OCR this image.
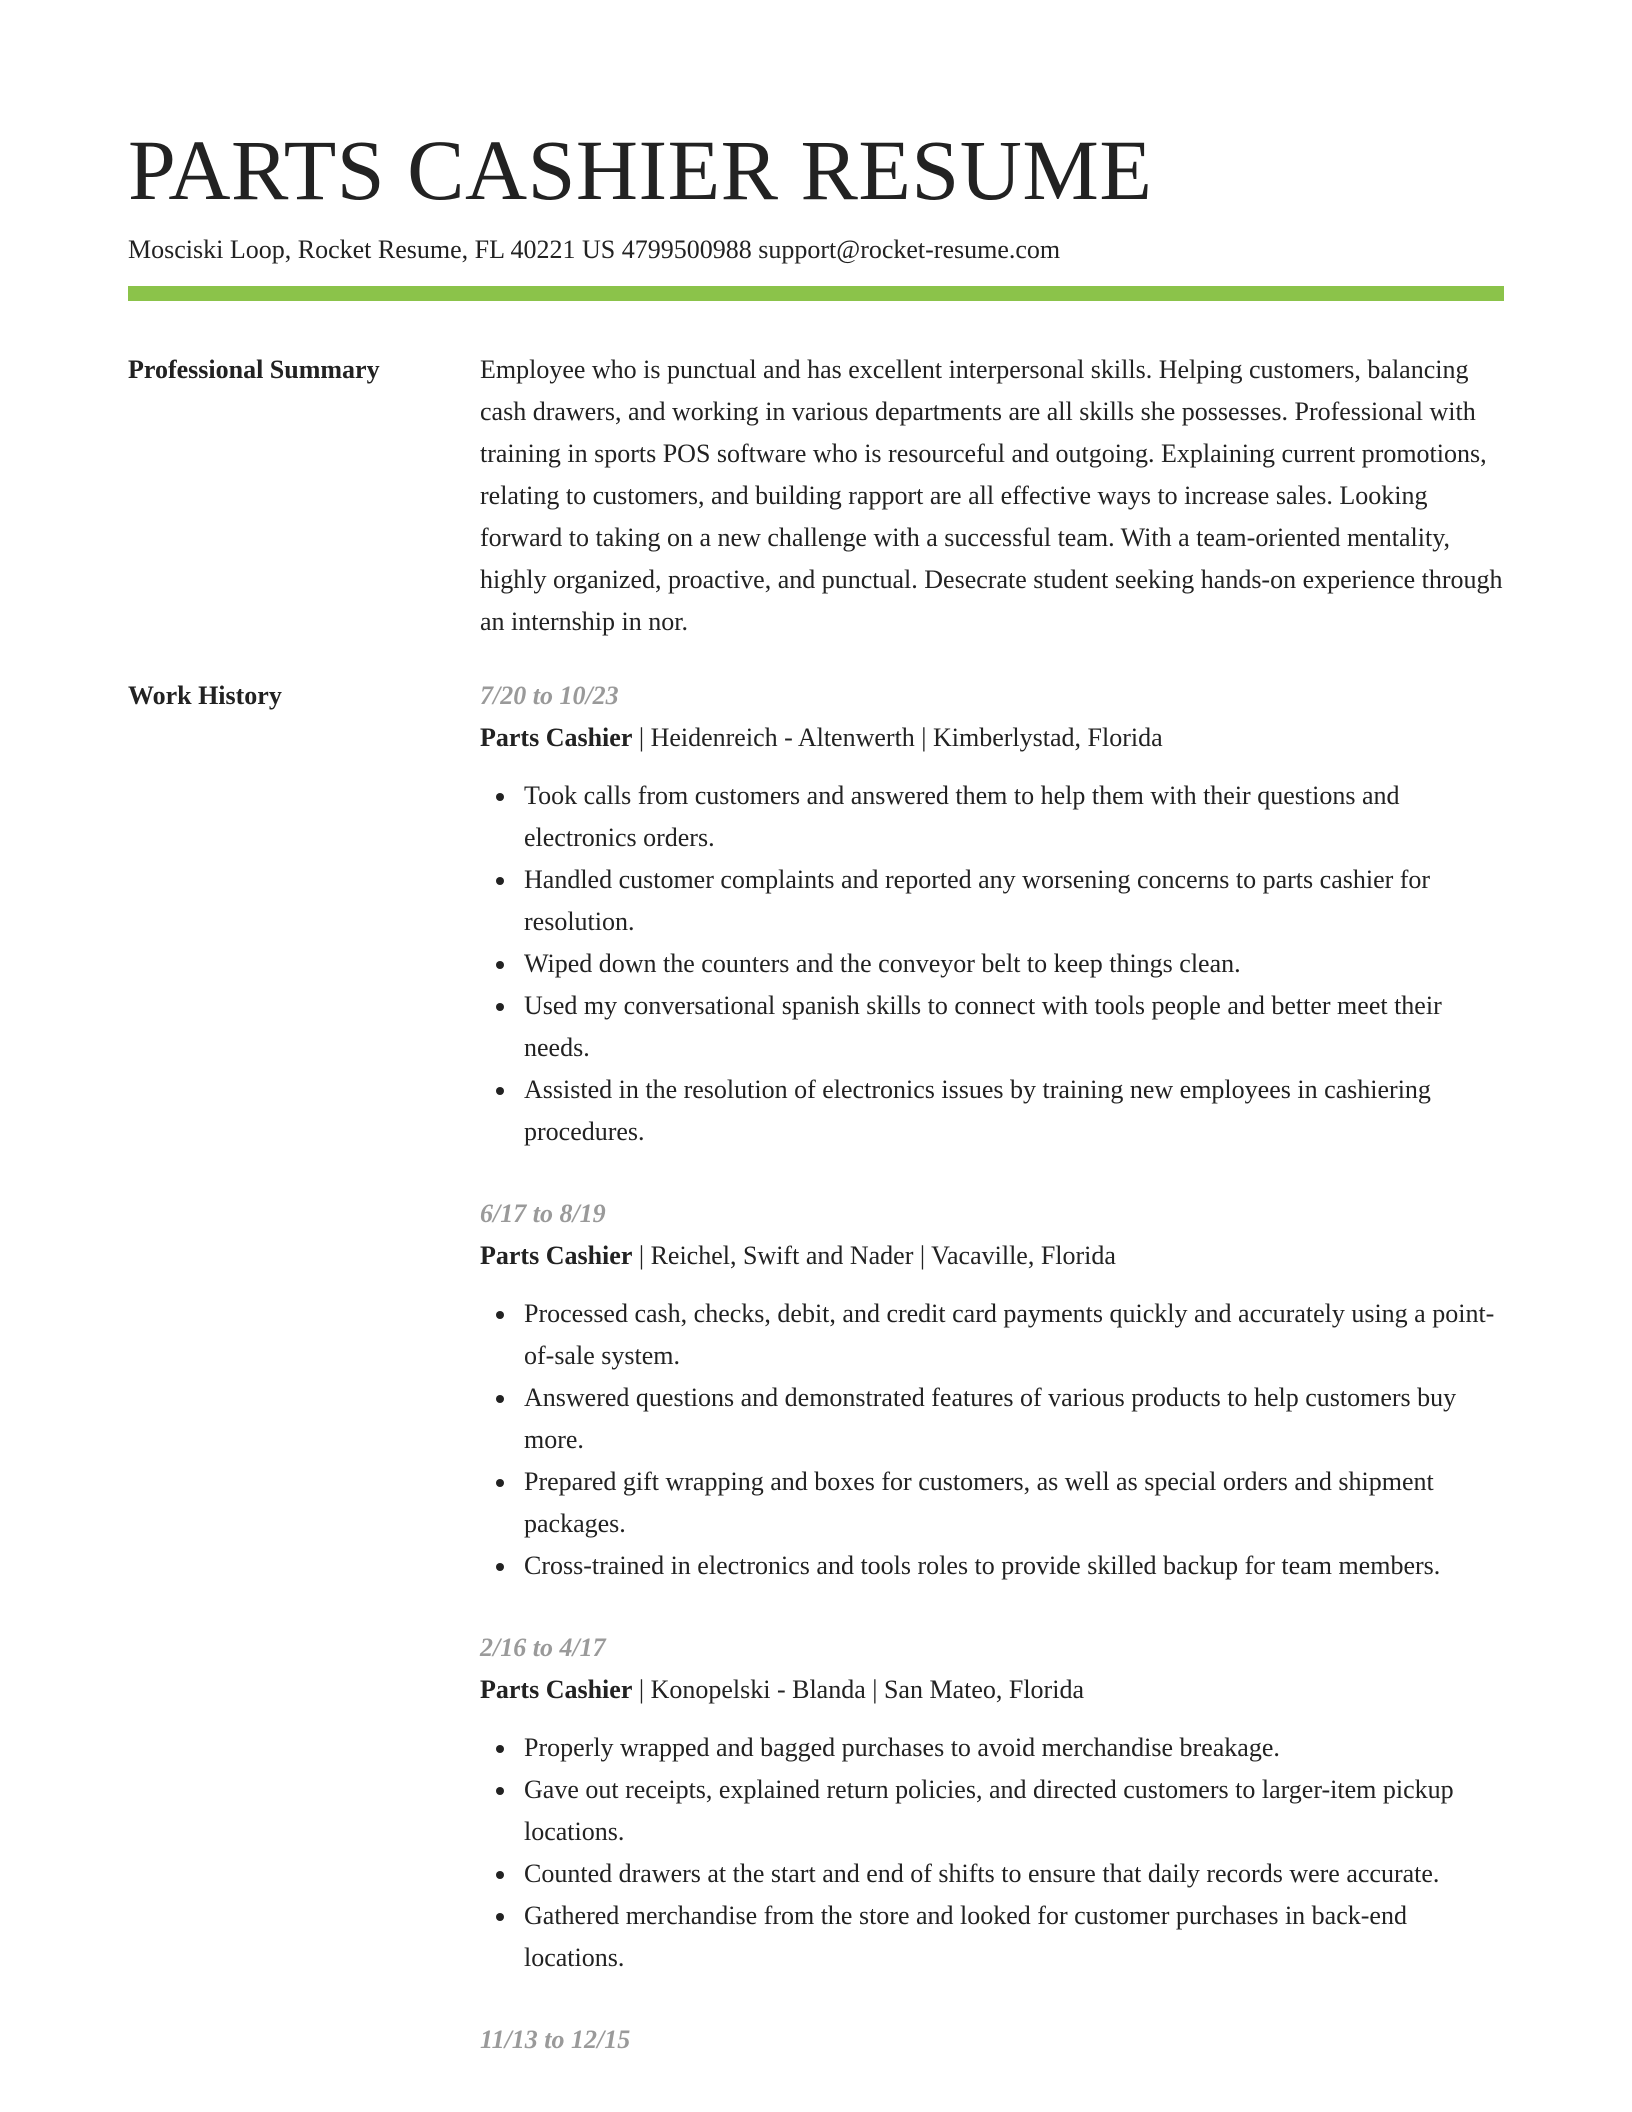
PARTS CASHIER RESUME
Mosciski Loop, Rocket Resume, FL 40221 US 4799500988 support@rocket-resume.com
Professional Summary	Employee who is punctual and has excellent interpersonal skills. Helping customers, balancing cash drawers, and working in various departments are all skills she possesses. Professional with training in sports POS software who is resourceful and outgoing. Explaining current promotions, relating to customers, and building rapport are all effective ways to increase sales. Looking forward to taking on a new challenge with a successful team. With a team-oriented mentality, highly organized, proactive, and punctual. Desecrate student seeking hands-on experience through an internship in nor.

Work History	7/20 to 10/23
Parts Cashier | Heidenreich - Altenwerth | Kimberlystad, Florida
Took calls from customers and answered them to help them with their questions and electronics orders.
Handled customer complaints and reported any worsening concerns to parts cashier for resolution.
Wiped down the counters and the conveyor belt to keep things clean.
Used my conversational spanish skills to connect with tools people and better meet their needs.
Assisted in the resolution of electronics issues by training new employees in cashiering procedures.
6/17 to 8/19
Parts Cashier | Reichel, Swift and Nader | Vacaville, Florida
Processed cash, checks, debit, and credit card payments quickly and accurately using a point-of-sale system.
Answered questions and demonstrated features of various products to help customers buy more.
Prepared gift wrapping and boxes for customers, as well as special orders and shipment packages.
Cross-trained in electronics and tools roles to provide skilled backup for team members.
2/16 to 4/17
Parts Cashier | Konopelski - Blanda | San Mateo, Florida
Properly wrapped and bagged purchases to avoid merchandise breakage.
Gave out receipts, explained return policies, and directed customers to larger-item pickup locations.
Counted drawers at the start and end of shifts to ensure that daily records were accurate.
Gathered merchandise from the store and looked for customer purchases in back-end locations.
11/13 to 12/15
